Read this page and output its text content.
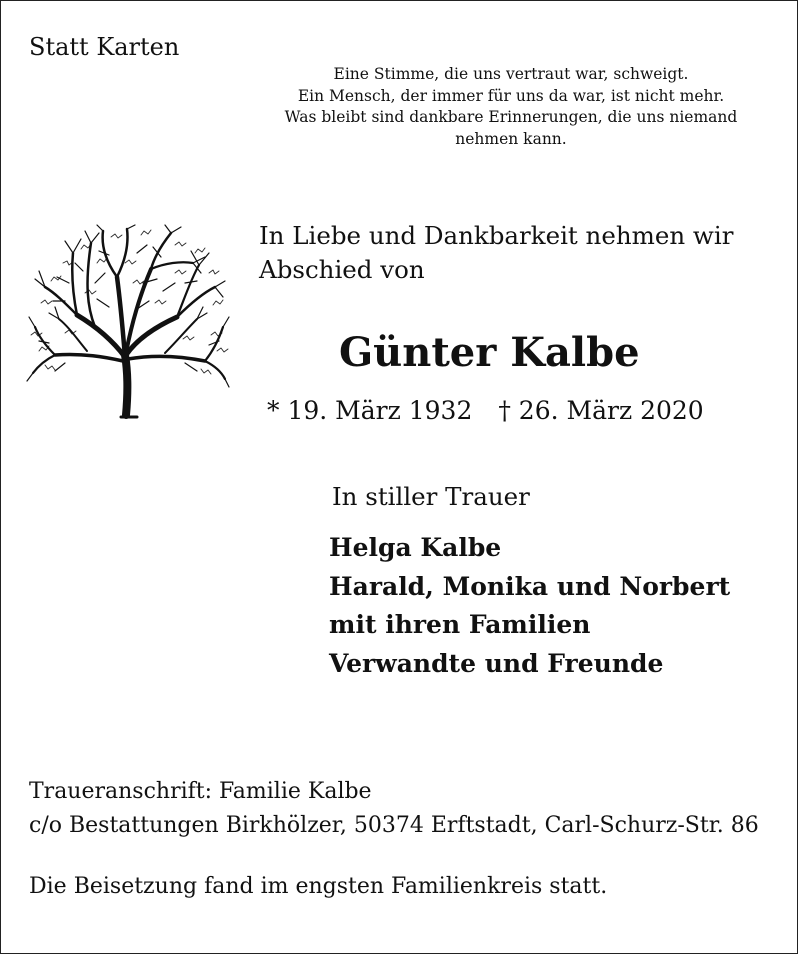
Statt Karten
Eine Stimme, die uns vertraut war, schweigt.
Ein Mensch, der immer für uns da war, ist nicht mehr.
Was bleibt sind dankbare Erinnerungen, die uns niemand
nehmen kann.
In Liebe und Dankbarkeit nehmen wir
Abschied von
Günter Kalbe
* 19. März 1932 † 26. März 2020
In stiller Trauer
Helga Kalbe
Harald, Monika und Norbert
mit ihren Familien
Verwandte und Freunde
Traueranschrift: Familie Kalbe
c/o Bestattungen Birkhölzer, 50374 Erftstadt, Carl-Schurz-Str. 86
Die Beisetzung fand im engsten Familienkreis statt.
